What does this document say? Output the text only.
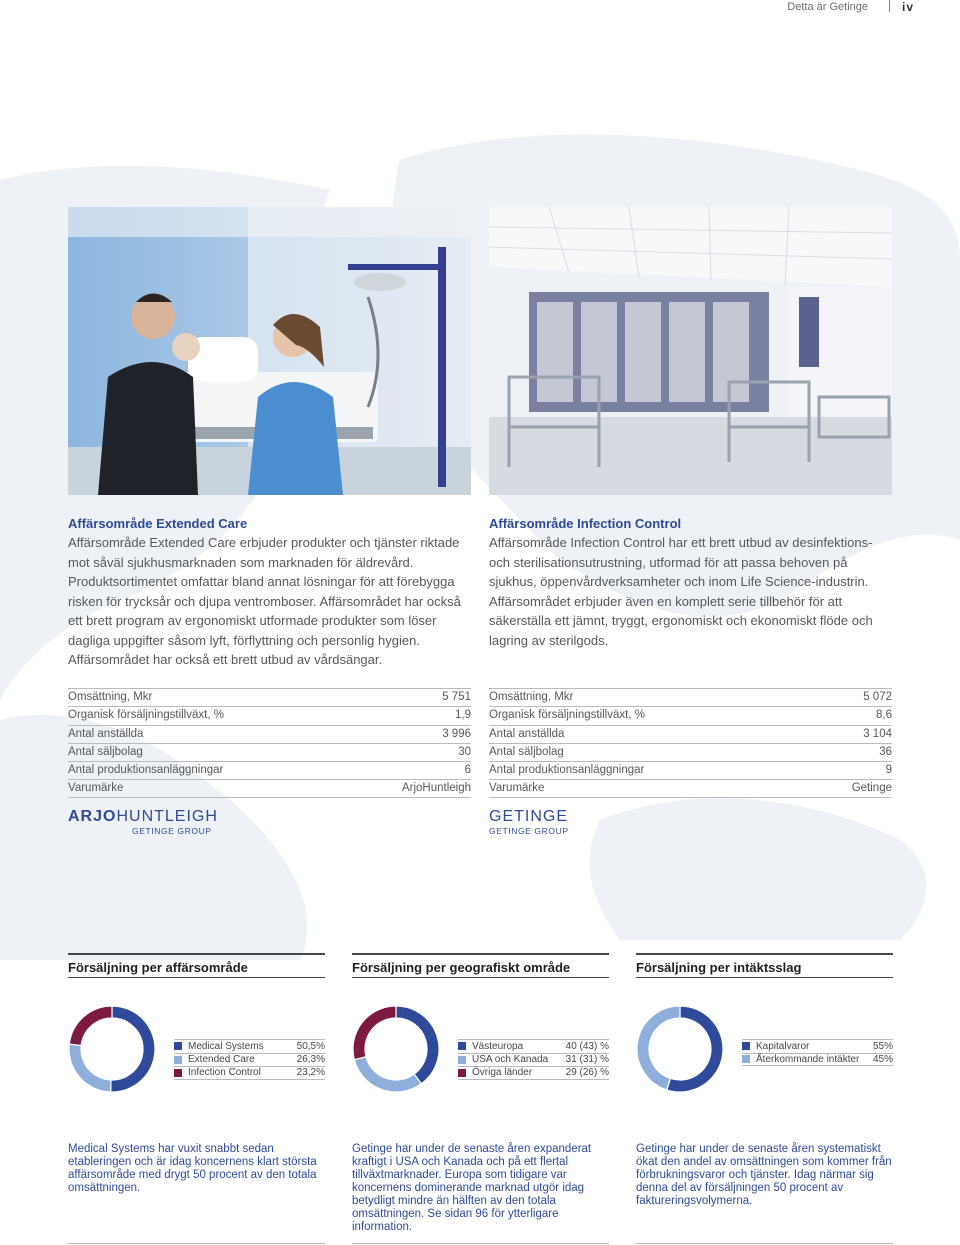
Detta är Getinge	iv
Affärsområde Extended Care
Affärsområde Extended Care erbjuder produkter och tjänster riktade mot såväl sjukhusmarknaden som marknaden för äldrevård. Produktsortimentet omfattar bland annat lösningar för att förebygga risken för trycksår och djupa ventromboser. Affärsområdet har också ett brett program av ergonomiskt utformade produkter som löser dagliga uppgifter såsom lyft, förflyttning och personlig hygien. Affärsområdet har också ett brett utbud av vårdsängar.
Affärsområde Infection Control
Affärsområde Infection Control har ett brett utbud av desinfektions- och sterilisationsutrustning, utformad för att passa behoven på sjukhus, öppenvårdverksamheter och inom Life Science-industrin. Affärsområdet erbjuder även en komplett serie tillbehör för att säkerställa ett jämnt, tryggt, ergonomiskt och ekonomiskt flöde och lagring av sterilgods.
Omsättning, Mkr	5 751
Organisk försäljningstillväxt, %	1,9
Antal anställda	3 996
Antal säljbolag	30
Antal produktionsanläggningar	6
Varumärke	ArjoHuntleigh
Omsättning, Mkr	5 072
Organisk försäljningstillväxt, %	8,6
Antal anställda	3 104
Antal säljbolag	36
Antal produktionsanläggningar	9
Varumärke	Getinge
ARJOHUNTLEIGH
GETINGE GROUP
GETINGE
GETINGE GROUP
Försäljning per affärsområde
Medical Systems	50,5%
Extended Care	26,3%
Infection Control	23,2%
Medical Systems har vuxit snabbt sedan etableringen och är idag koncernens klart största affärsområde med drygt 50 procent av den totala omsättningen.
Försäljning per geografiskt område
Västeuropa	40 (43) %
USA och Kanada	31 (31) %
Övriga länder	29 (26) %
Getinge har under de senaste åren expanderat kraftigt i USA och Kanada och på ett flertal tillväxtmarknader. Europa som tidigare var koncernens dominerande marknad utgör idag betydligt mindre än hälften av den totala omsättningen. Se sidan 96 för ytterligare information.
Försäljning per intäktsslag
Kapitalvaror	55%
Återkommande intäkter	45%
Getinge har under de senaste åren systematiskt ökat den andel av omsättningen som kommer från förbrukningsvaror och tjänster. Idag närmar sig denna del av försäljningen 50 procent av faktureringsvolymerna.
